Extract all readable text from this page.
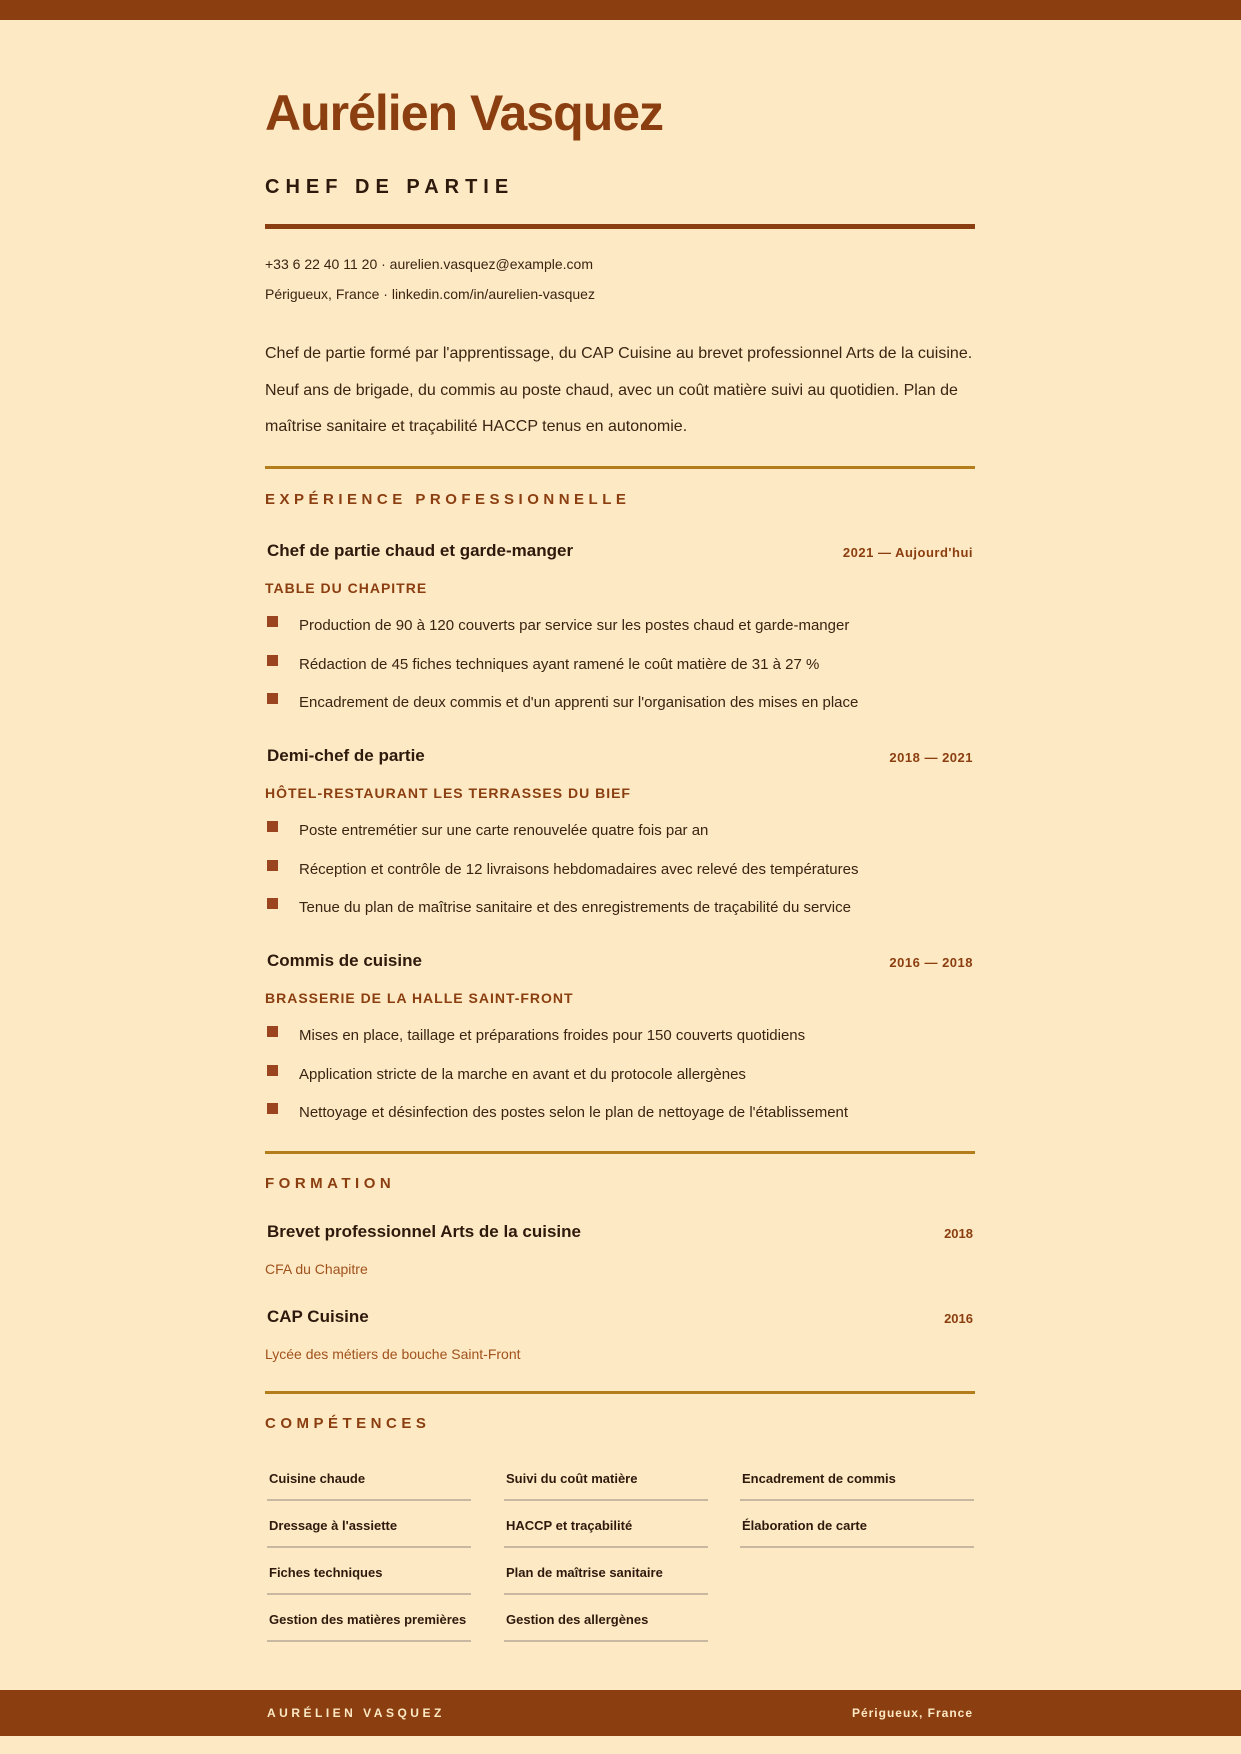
Aurélien Vasquez
CHEF DE PARTIE
+33 6 22 40 11 20 · aurelien.vasquez@example.com
Périgueux, France · linkedin.com/in/aurelien-vasquez
Chef de partie formé par l'apprentissage, du CAP Cuisine au brevet professionnel Arts de la cuisine. Neuf ans de brigade, du commis au poste chaud, avec un coût matière suivi au quotidien. Plan de maîtrise sanitaire et traçabilité HACCP tenus en autonomie.
EXPÉRIENCE PROFESSIONNELLE
Chef de partie chaud et garde-manger	2021 — Aujourd'hui
TABLE DU CHAPITRE
Production de 90 à 120 couverts par service sur les postes chaud et garde-manger
Rédaction de 45 fiches techniques ayant ramené le coût matière de 31 à 27 %
Encadrement de deux commis et d'un apprenti sur l'organisation des mises en place
Demi-chef de partie	2018 — 2021
HÔTEL-RESTAURANT LES TERRASSES DU BIEF
Poste entremétier sur une carte renouvelée quatre fois par an
Réception et contrôle de 12 livraisons hebdomadaires avec relevé des températures
Tenue du plan de maîtrise sanitaire et des enregistrements de traçabilité du service
Commis de cuisine	2016 — 2018
BRASSERIE DE LA HALLE SAINT-FRONT
Mises en place, taillage et préparations froides pour 150 couverts quotidiens
Application stricte de la marche en avant et du protocole allergènes
Nettoyage et désinfection des postes selon le plan de nettoyage de l'établissement
FORMATION
Brevet professionnel Arts de la cuisine	2018
CFA du Chapitre
CAP Cuisine	2016
Lycée des métiers de bouche Saint-Front
COMPÉTENCES
Cuisine chaude
Dressage à l'assiette
Fiches techniques
Gestion des matières premières
Suivi du coût matière
HACCP et traçabilité
Plan de maîtrise sanitaire
Gestion des allergènes
Encadrement de commis
Élaboration de carte
AURÉLIEN VASQUEZ	Périgueux, France
